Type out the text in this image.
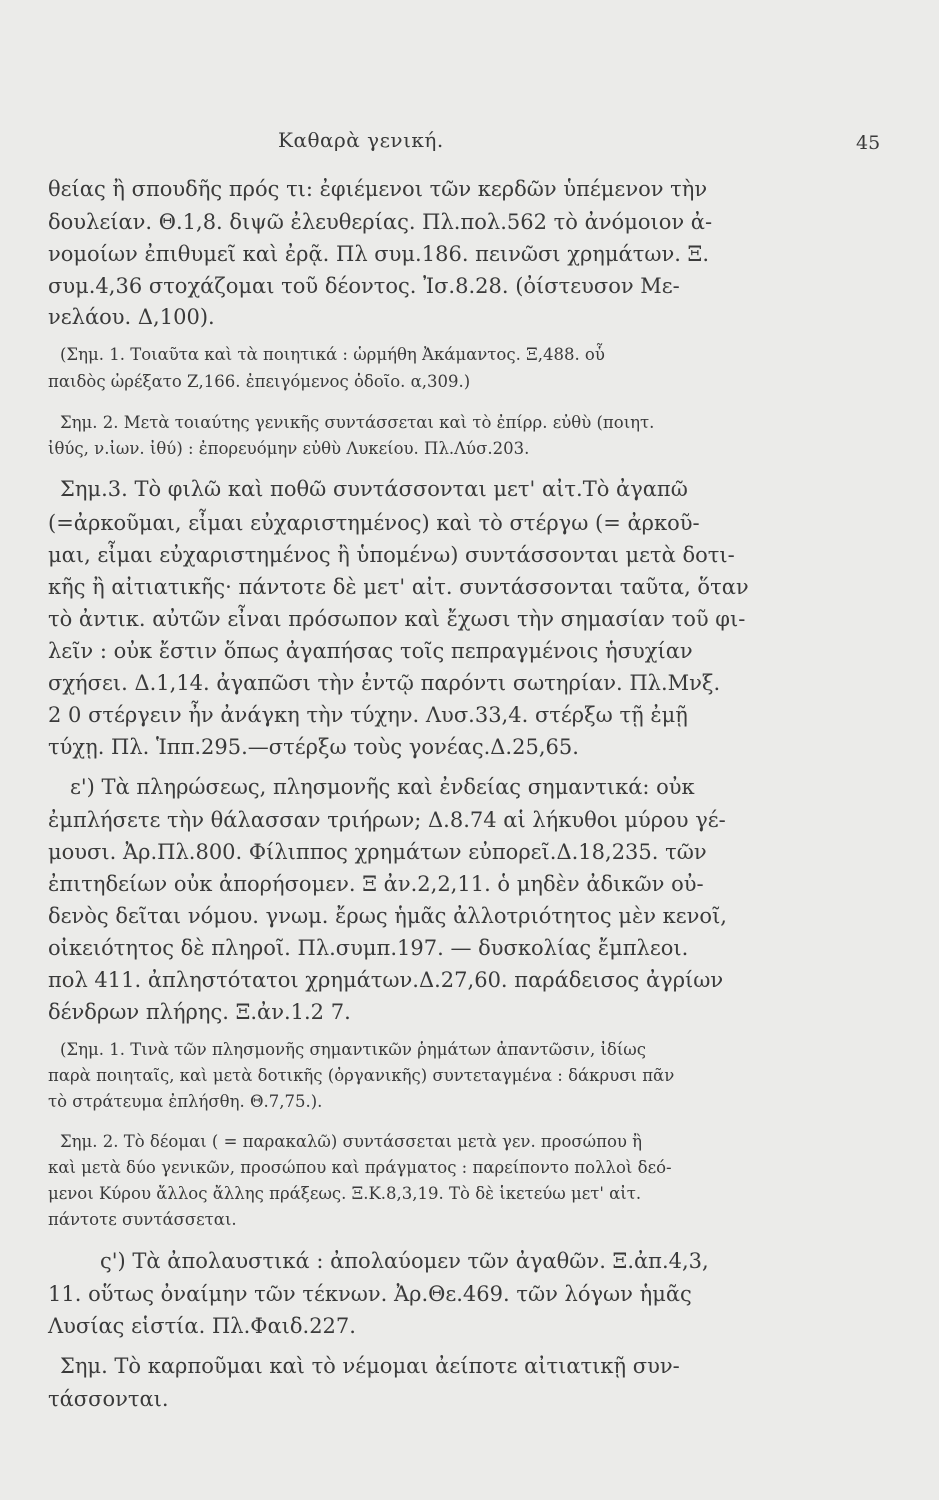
Καθαρὰ γενική.	45
θείας ἢ σπουδῆς πρός τι: ἐφιέμενοι τῶν κερδῶν ὑπέμενον τὴν
δουλείαν. Θ.1,8. διψῶ ἐλευθερίας. Πλ.πολ.562 τὸ ἀνόμοιον ἀ-
νομοίων ἐπιθυμεῖ καὶ ἐρᾷ. Πλ συμ.186. πεινῶσι χρημάτων. Ξ.
συμ.4,36 στοχάζομαι τοῦ δέοντος. Ἰσ.8.28. (ὀίστευσον Με-
νελάου. Δ,100).
(Σημ. 1. Τοιαῦτα καὶ τὰ ποιητικά : ὡρμήθη Ἀκάμαντος. Ξ,488. οὗ
παιδὸς ὠρέξατο Ζ,166. ἐπειγόμενος ὁδοῖο. α,309.)
Σημ. 2. Μετὰ τοιαύτης γενικῆς συντάσσεται καὶ τὸ ἐπίρρ. εὐθὺ (ποιητ.
ἰθύς, ν.ἰων. ἰθύ) : ἐπορευόμην εὐθὺ Λυκείου. Πλ.Λύσ.203.
Σημ.3. Τὸ φιλῶ καὶ ποθῶ συντάσσονται μετ' αἰτ.Τὸ ἀγαπῶ
(=ἀρκοῦμαι, εἶμαι εὐχαριστημένος) καὶ τὸ στέργω (= ἀρκοῦ-
μαι, εἶμαι εὐχαριστημένος ἢ ὑπομένω) συντάσσονται μετὰ δοτι-
κῆς ἢ αἰτιατικῆς· πάντοτε δὲ μετ' αἰτ. συντάσσονται ταῦτα, ὅταν
τὸ ἀντικ. αὐτῶν εἶναι πρόσωπον καὶ ἔχωσι τὴν σημασίαν τοῦ φι-
λεῖν : οὐκ ἔστιν ὅπως ἀγαπήσας τοῖς πεπραγμένοις ἡσυχίαν
σχήσει. Δ.1,14. ἀγαπῶσι τὴν ἐντῷ παρόντι σωτηρίαν. Πλ.Μνξ.
2 0 στέργειν ἦν ἀνάγκη τὴν τύχην. Λυσ.33,4. στέρξω τῇ ἐμῇ
τύχῃ. Πλ. Ἱππ.295.—στέρξω τοὺς γονέας.Δ.25,65.
ε') Τὰ πληρώσεως, πλησμονῆς καὶ ἐνδείας σημαντικά: οὐκ
ἐμπλήσετε τὴν θάλασσαν τριήρων; Δ.8.74 αἱ λήκυθοι μύρου γέ-
μουσι. Ἀρ.Πλ.800. Φίλιππος χρημάτων εὐπορεῖ.Δ.18,235. τῶν
ἐπιτηδείων οὐκ ἀπορήσομεν. Ξ ἀν.2,2,11. ὁ μηδὲν ἀδικῶν οὐ-
δενὸς δεῖται νόμου. γνωμ. ἔρως ἡμᾶς ἀλλοτριότητος μὲν κενοῖ,
οἰκειότητος δὲ πληροῖ. Πλ.συμπ.197. — δυσκολίας ἔμπλεοι.
πολ 411. ἀπληστότατοι χρημάτων.Δ.27,60. παράδεισος ἀγρίων
δένδρων πλήρης. Ξ.ἀν.1.2 7.
(Σημ. 1. Τινὰ τῶν πλησμονῆς σημαντικῶν ῥημάτων ἀπαντῶσιν, ἰδίως
παρὰ ποιηταῖς, καὶ μετὰ δοτικῆς (ὀργανικῆς) συντεταγμένα : δάκρυσι πᾶν
τὸ στράτευμα ἐπλήσθη. Θ.7,75.).
Σημ. 2. Τὸ δέομαι ( = παρακαλῶ) συντάσσεται μετὰ γεν. προσώπου ἢ
καὶ μετὰ δύο γενικῶν, προσώπου καὶ πράγματος : παρείποντο πολλοὶ δεό-
μενοι Κύρου ἄλλος ἄλλης πράξεως. Ξ.Κ.8,3,19. Τὸ δὲ ἱκετεύω μετ' αἰτ.
πάντοτε συντάσσεται.
ς') Τὰ ἀπολαυστικά : ἀπολαύομεν τῶν ἀγαθῶν. Ξ.ἀπ.4,3,
11. οὕτως ὀναίμην τῶν τέκνων. Ἀρ.Θε.469. τῶν λόγων ἡμᾶς
Λυσίας εἱστία. Πλ.Φαιδ.227.
Σημ. Τὸ καρποῦμαι καὶ τὸ νέμομαι ἀείποτε αἰτιατικῇ συν-
τάσσονται.
